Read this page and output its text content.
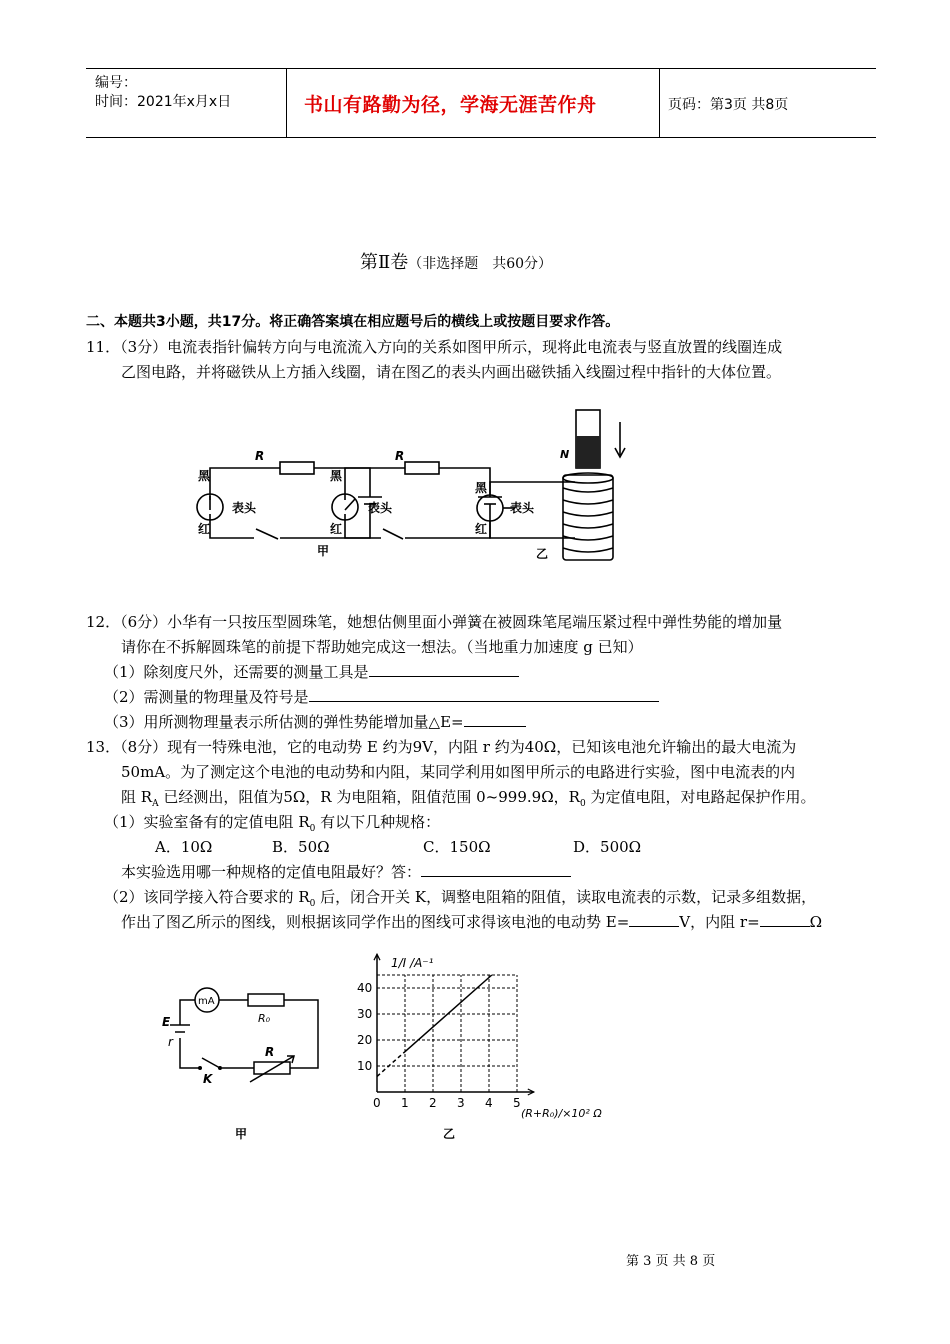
编号：
时间：2021年x月x日	书山有路勤为径，学海无涯苦作舟	页码：第3页 共8页
第Ⅱ卷（非选择题　共60分）
二、本题共3小题，共17分。将正确答案填在相应题号后的横线上或按题目要求作答。
11．（3分）电流表指针偏转方向与电流流入方向的关系如图甲所示，现将此电流表与竖直放置的线圈连成
乙图电路，并将磁铁从上方插入线圈，请在图乙的表头内画出磁铁插入线圈过程中指针的大体位置。
黑
红
表头
R
黑
红
表头
R
甲
黑
红
表头
乙
N
12．（6分）小华有一只按压型圆珠笔，她想估侧里面小弹簧在被圆珠笔尾端压紧过程中弹性势能的增加量
请你在不拆解圆珠笔的前提下帮助她完成这一想法。（当地重力加速度 g 已知）
（1）除刻度尺外，还需要的测量工具是
（2）需测量的物理量及符号是
（3）用所测物理量表示所估测的弹性势能增加量△E=
13．（8分）现有一特殊电池，它的电动势 E 约为9V，内阻 r 约为40Ω，已知该电池允许输出的最大电流为
50mA。为了测定这个电池的电动势和内阻，某同学利用如图甲所示的电路进行实验，图中电流表的内
阻 $R_A$ 已经测出，阻值为5Ω，R 为电阻箱，阻值范围 0~999.9Ω，$R_0$ 为定值电阻，对电路起保护作用。
（1）实验室备有的定值电阻 $R_0$ 有以下几种规格：
A．10Ω	B．50Ω	C．150Ω	D．500Ω
本实验选用哪一种规格的定值电阻最好？答：
（2）该同学接入符合要求的 $R_0$ 后，闭合开关 K，调整电阻箱的阻值，读取电流表的示数，记录多组数据，
作出了图乙所示的图线，则根据该同学作出的图线可求得该电池的电动势 E=	V，内阻 r=	Ω
mA
R₀
E
r
R
K
甲
0 1 2 3 4 5
10
20
30
40
1/I /A⁻¹
(R+R₀)/×10² Ω
乙
第 3 页 共 8 页
